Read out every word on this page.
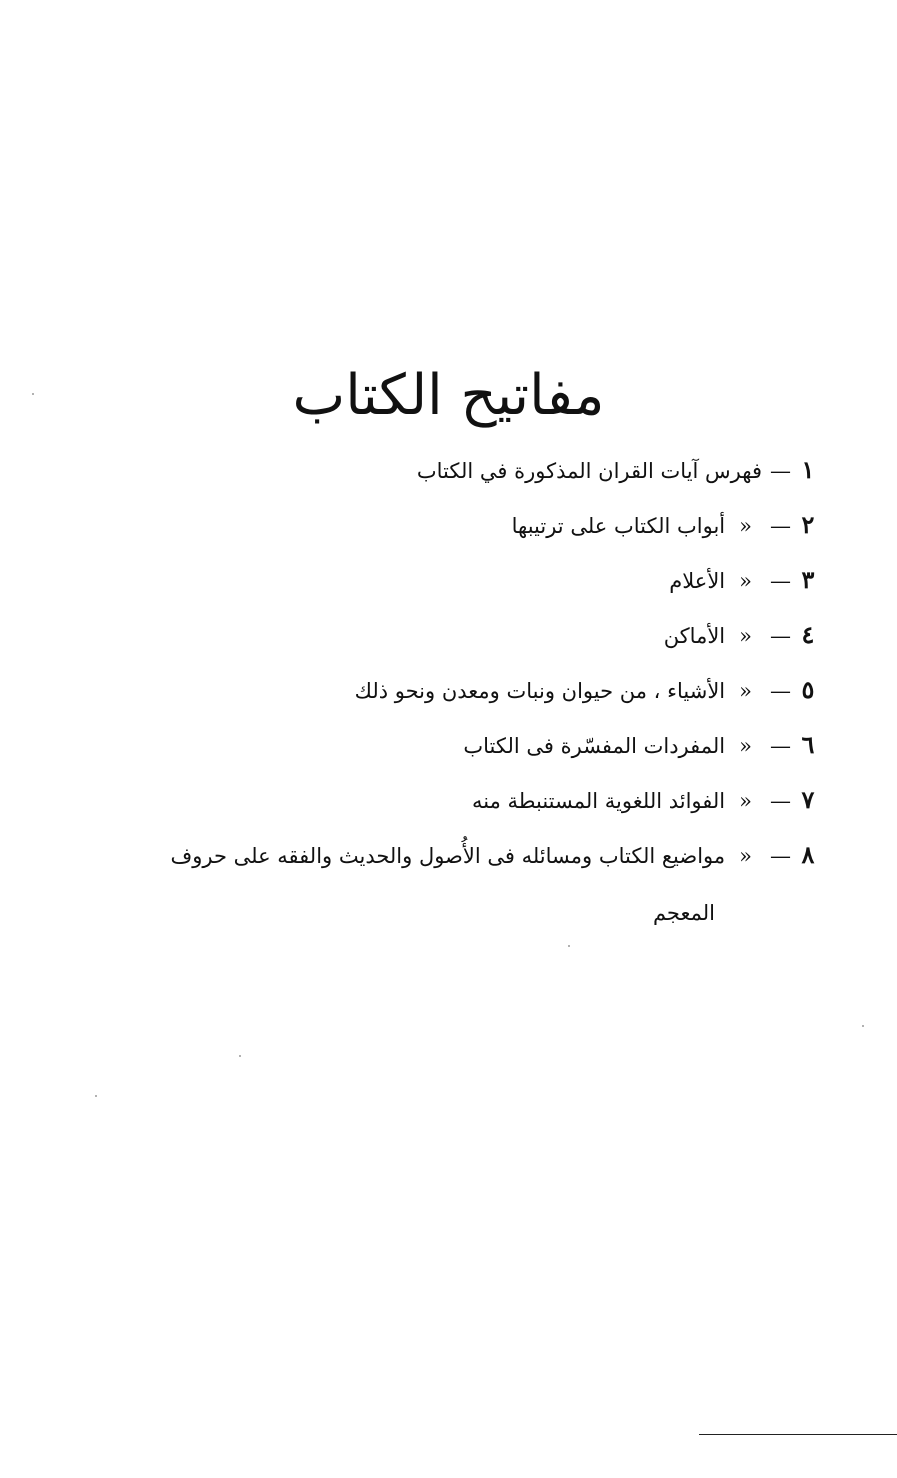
مفاتيح الكتاب
١—فهرس آيات القران المذكورة في الكتاب
٢—«أبواب الكتاب على ترتيبها
٣—«الأعلام
٤—«الأماكن
٥—«الأشياء ، من حيوان ونبات ومعدن ونحو ذلك
٦—«المفردات المفسّرة فى الكتاب
٧—«الفوائد اللغوية المستنبطة منه
٨—«مواضيع الكتاب ومسائله فى الأُصول والحديث والفقه على حروف
المعجم
